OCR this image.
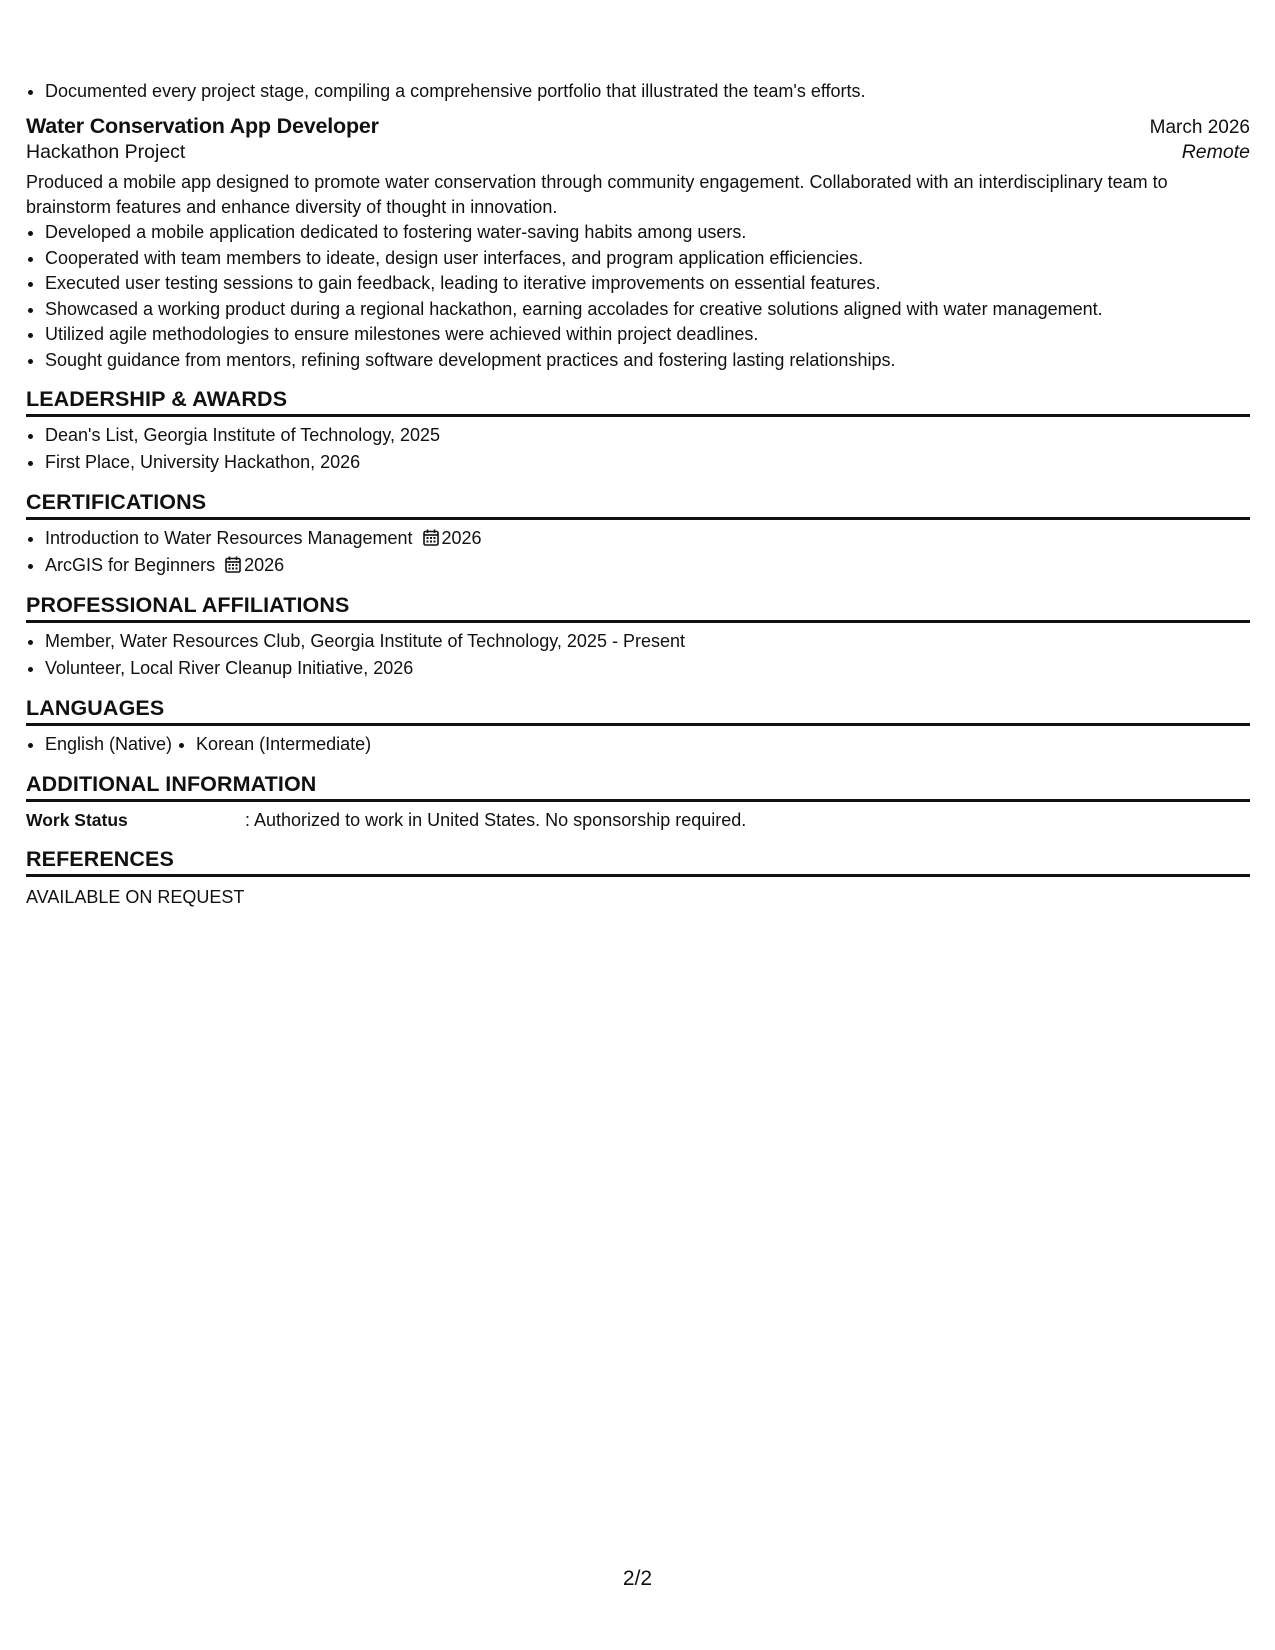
• Documented every project stage, compiling a comprehensive portfolio that illustrated the team's efforts.
Water Conservation App Developer	March 2026
Hackathon Project	Remote

Produced a mobile app designed to promote water conservation through community engagement. Collaborated with an interdisciplinary team to brainstorm features and enhance diversity of thought in innovation.

• Developed a mobile application dedicated to fostering water-saving habits among users.
• Cooperated with team members to ideate, design user interfaces, and program application efficiencies.
• Executed user testing sessions to gain feedback, leading to iterative improvements on essential features.
• Showcased a working product during a regional hackathon, earning accolades for creative solutions aligned with water management.
• Utilized agile methodologies to ensure milestones were achieved within project deadlines.
• Sought guidance from mentors, refining software development practices and fostering lasting relationships.
LEADERSHIP & AWARDS
• Dean's List, Georgia Institute of Technology, 2025
• First Place, University Hackathon, 2026
CERTIFICATIONS
• Introduction to Water Resources Management 2026
• ArcGIS for Beginners 2026
PROFESSIONAL AFFILIATIONS
• Member, Water Resources Club, Georgia Institute of Technology, 2025 - Present
• Volunteer, Local River Cleanup Initiative, 2026
LANGUAGES
• English (Native)
• Korean (Intermediate)
ADDITIONAL INFORMATION
Work Status	: Authorized to work in United States. No sponsorship required.
REFERENCES

AVAILABLE ON REQUEST

2/2
